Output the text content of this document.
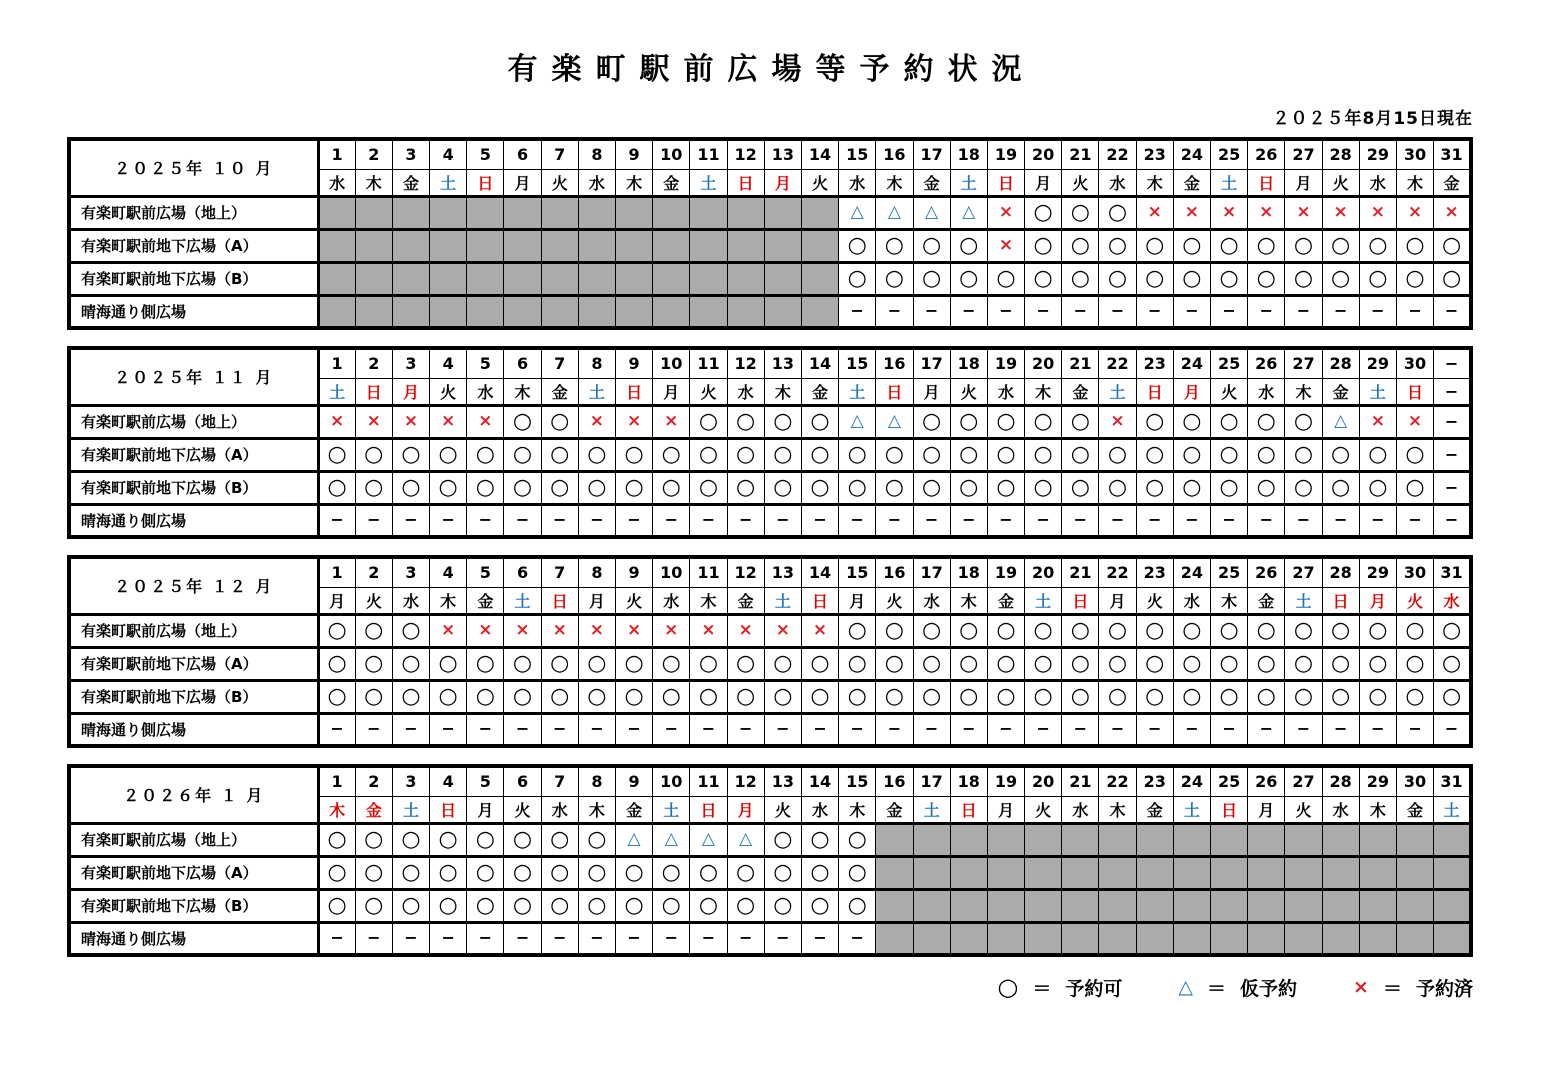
有楽町駅前広場等予約状況
２０２５年8月15日現在
２０２５年 １０ 月	1	2	3	4	5	6	7	8	9	10	11	12	13	14	15	16	17	18	19	20	21	22	23	24	25	26	27	28	29	30	31
	水	木	金	土	日	月	火	水	木	金	土	日	月	火	水	木	金	土	日	月	火	水	木	金	土	日	月	火	水	木	金
有楽町駅前広場（地上）															△	△	△	△	×	○	○	○	×	×	×	×	×	×	×	×	×
有楽町駅前地下広場（A）															○	○	○	○	×	○	○	○	○	○	○	○	○	○	○	○	○
有楽町駅前地下広場（B）															○	○	○	○	○	○	○	○	○	○	○	○	○	○	○	○	○
晴海通り側広場															−	−	−	−	−	−	−	−	−	−	−	−	−	−	−	−	−
２０２５年 １１ 月	1	2	3	4	5	6	7	8	9	10	11	12	13	14	15	16	17	18	19	20	21	22	23	24	25	26	27	28	29	30	−
	土	日	月	火	水	木	金	土	日	月	火	水	木	金	土	日	月	火	水	木	金	土	日	月	火	水	木	金	土	日	−
有楽町駅前広場（地上）	×	×	×	×	×	○	○	×	×	×	○	○	○	○	△	△	○	○	○	○	○	×	○	○	○	○	○	△	×	×	−
有楽町駅前地下広場（A）	○	○	○	○	○	○	○	○	○	○	○	○	○	○	○	○	○	○	○	○	○	○	○	○	○	○	○	○	○	○	−
有楽町駅前地下広場（B）	○	○	○	○	○	○	○	○	○	○	○	○	○	○	○	○	○	○	○	○	○	○	○	○	○	○	○	○	○	○	−
晴海通り側広場	−	−	−	−	−	−	−	−	−	−	−	−	−	−	−	−	−	−	−	−	−	−	−	−	−	−	−	−	−	−	−
２０２５年 １２ 月	1	2	3	4	5	6	7	8	9	10	11	12	13	14	15	16	17	18	19	20	21	22	23	24	25	26	27	28	29	30	31
	月	火	水	木	金	土	日	月	火	水	木	金	土	日	月	火	水	木	金	土	日	月	火	水	木	金	土	日	月	火	水
有楽町駅前広場（地上）	○	○	○	×	×	×	×	×	×	×	×	×	×	×	○	○	○	○	○	○	○	○	○	○	○	○	○	○	○	○	○
有楽町駅前地下広場（A）	○	○	○	○	○	○	○	○	○	○	○	○	○	○	○	○	○	○	○	○	○	○	○	○	○	○	○	○	○	○	○
有楽町駅前地下広場（B）	○	○	○	○	○	○	○	○	○	○	○	○	○	○	○	○	○	○	○	○	○	○	○	○	○	○	○	○	○	○	○
晴海通り側広場	−	−	−	−	−	−	−	−	−	−	−	−	−	−	−	−	−	−	−	−	−	−	−	−	−	−	−	−	−	−	−
２０２６年 １ 月	1	2	3	4	5	6	7	8	9	10	11	12	13	14	15	16	17	18	19	20	21	22	23	24	25	26	27	28	29	30	31
	木	金	土	日	月	火	水	木	金	土	日	月	火	水	木	金	土	日	月	火	水	木	金	土	日	月	火	水	木	金	土
有楽町駅前広場（地上）	○	○	○	○	○	○	○	○	△	△	△	△	○	○	○																
有楽町駅前地下広場（A）	○	○	○	○	○	○	○	○	○	○	○	○	○	○	○																
有楽町駅前地下広場（B）	○	○	○	○	○	○	○	○	○	○	○	○	○	○	○																
晴海通り側広場	−	−	−	−	−	−	−	−	−	−	−	−	−	−	−																
○ ＝ 予約可	△ ＝ 仮予約	× ＝ 予約済
